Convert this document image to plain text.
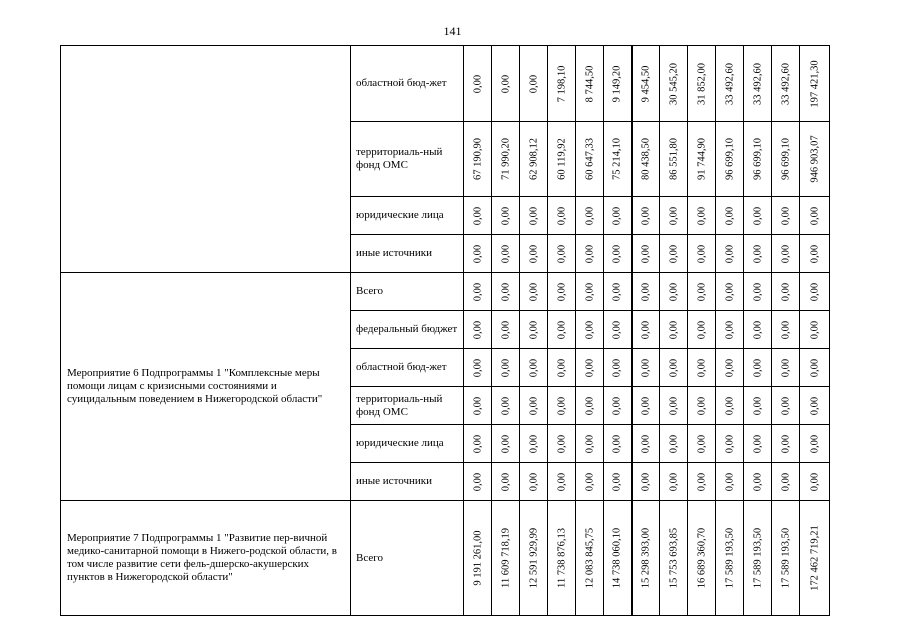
141
	областной бюд-жет	0,00	0,00	0,00	7 198,10	8 744,50	9 149,20	9 454,50	30 545,20	31 852,00	33 492,60	33 492,60	33 492,60	197 421,30

	территориаль-ный фонд ОМС	67 190,90	71 990,20	62 908,12	60 119,92	60 647,33	75 214,10	80 438,50	86 551,80	91 744,90	96 699,10	96 699,10	96 699,10	946 903,07

	юридические лица	0,00	0,00	0,00	0,00	0,00	0,00	0,00	0,00	0,00	0,00	0,00	0,00	0,00

	иные источники	0,00	0,00	0,00	0,00	0,00	0,00	0,00	0,00	0,00	0,00	0,00	0,00	0,00

Мероприятие 6 Подпрограммы 1 "Комплексные меры помощи лицам с кризисными состояниями и суицидальным поведением в Нижегородской области"	Всего	0,00	0,00	0,00	0,00	0,00	0,00	0,00	0,00	0,00	0,00	0,00	0,00	0,00

	федеральный бюджет	0,00	0,00	0,00	0,00	0,00	0,00	0,00	0,00	0,00	0,00	0,00	0,00	0,00

	областной бюд-жет	0,00	0,00	0,00	0,00	0,00	0,00	0,00	0,00	0,00	0,00	0,00	0,00	0,00

	территориаль-ный фонд ОМС	0,00	0,00	0,00	0,00	0,00	0,00	0,00	0,00	0,00	0,00	0,00	0,00	0,00

	юридические лица	0,00	0,00	0,00	0,00	0,00	0,00	0,00	0,00	0,00	0,00	0,00	0,00	0,00

	иные источники	0,00	0,00	0,00	0,00	0,00	0,00	0,00	0,00	0,00	0,00	0,00	0,00	0,00

Мероприятие 7 Подпрограммы 1 "Развитие пер-вичной медико-санитарной помощи в Нижего-родской области, в том числе развитие сети фель-дшерско-акушерских пунктов в Нижегородской области"	Всего	9 191 261,00	11 609 718,19	12 591 929,99	11 738 876,13	12 083 845,75	14 738 060,10	15 298 393,00	15 753 693,85	16 689 360,70	17 589 193,50	17 589 193,50	17 589 193,50	172 462 719,21
